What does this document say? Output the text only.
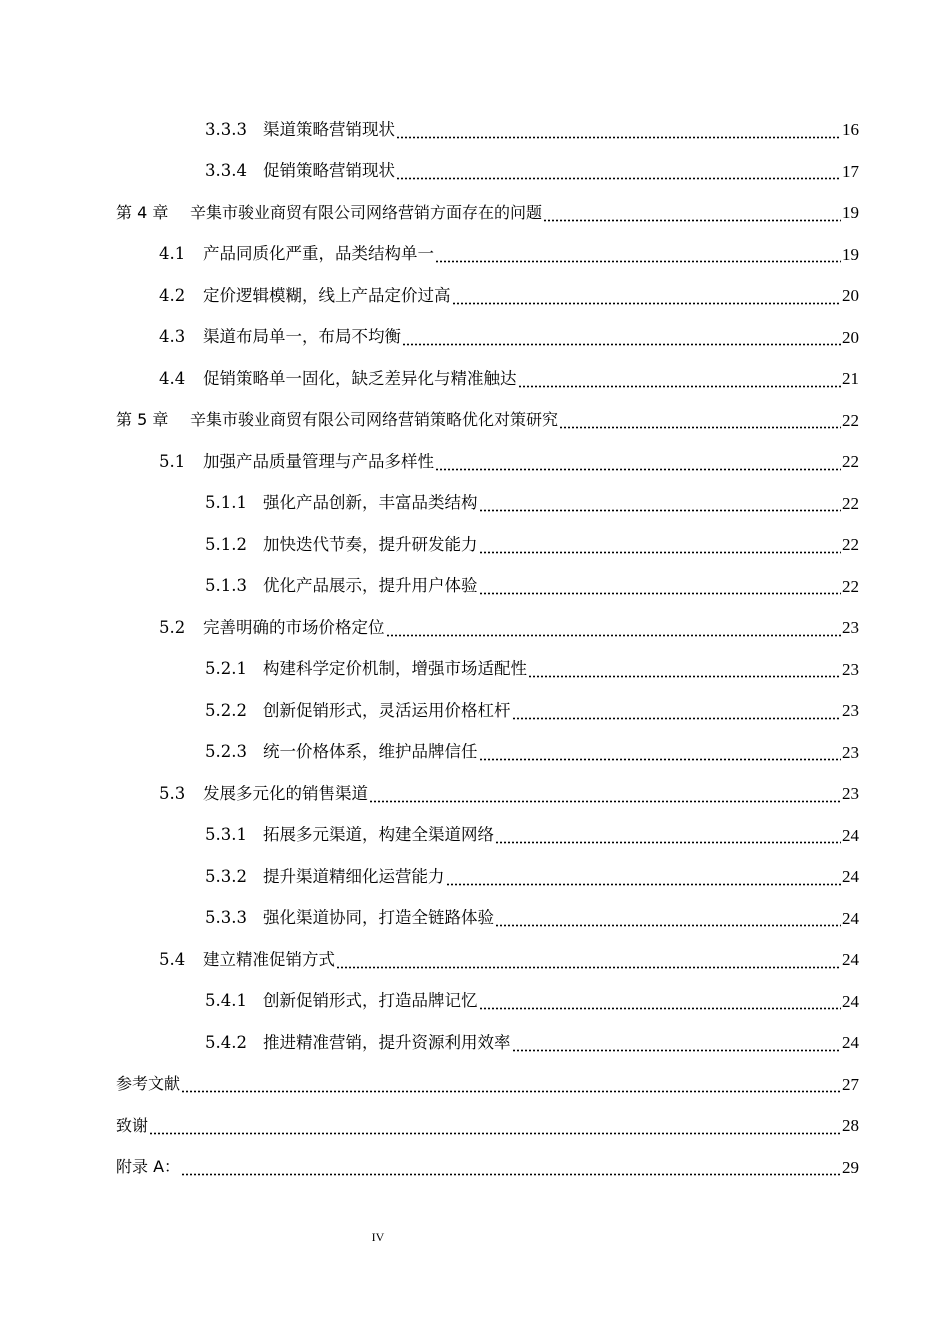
3.3.3 渠道策略营销现状	16
3.3.4 促销策略营销现状	17
第 4 章	辛集市骏业商贸有限公司网络营销方面存在的问题	19
4.1	产品同质化严重，品类结构单一	19
4.2	定价逻辑模糊，线上产品定价过高	20
4.3	渠道布局单一，布局不均衡	20
4.4	促销策略单一固化，缺乏差异化与精准触达	21
第 5 章	辛集市骏业商贸有限公司网络营销策略优化对策研究	22
5.1	加强产品质量管理与产品多样性	22
5.1.1 强化产品创新，丰富品类结构	22
5.1.2 加快迭代节奏，提升研发能力	22
5.1.3 优化产品展示，提升用户体验	22
5.2	完善明确的市场价格定位	23
5.2.1 构建科学定价机制，增强市场适配性	23
5.2.2 创新促销形式，灵活运用价格杠杆	23
5.2.3 统一价格体系，维护品牌信任	23
5.3	发展多元化的销售渠道	23
5.3.1 拓展多元渠道，构建全渠道网络	24
5.3.2 提升渠道精细化运营能力	24
5.3.3 强化渠道协同，打造全链路体验	24
5.4	建立精准促销方式	24
5.4.1 创新促销形式，打造品牌记忆	24
5.4.2 推进精准营销，提升资源利用效率	24
参考文献	27
致谢	28
附录 A：	29
IV
